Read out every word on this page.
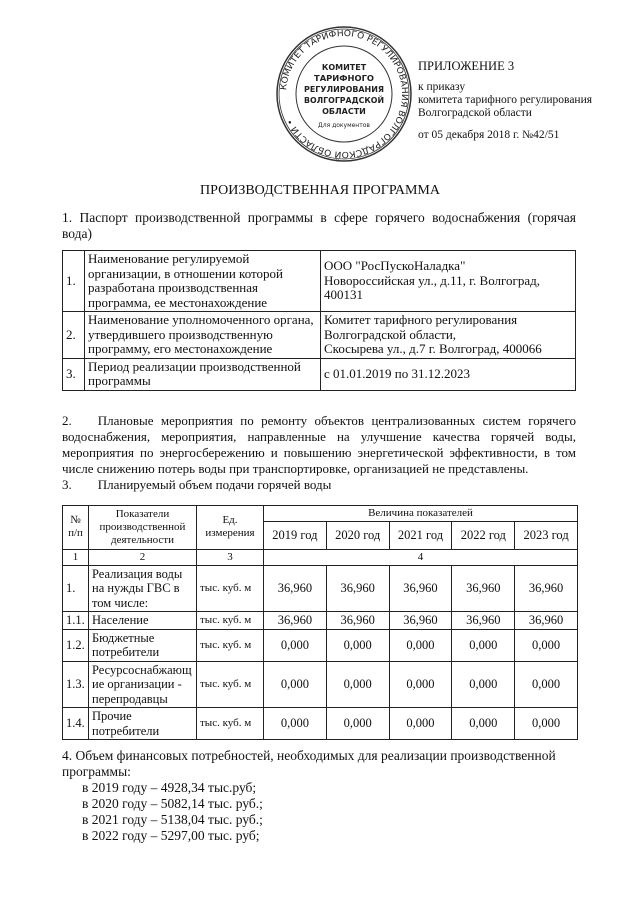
КОМИТЕТ ТАРИФНОГО РЕГУЛИРОВАНИЯ ВОЛГОГРАДСКОЙ ОБЛАСТИ •
КОМИТЕТ
ТАРИФНОГО
РЕГУЛИРОВАНИЯ
ВОЛГОГРАДСКОЙ
ОБЛАСТИ
Для документов
ПРИЛОЖЕНИЕ 3
к приказу
комитета тарифного регулирования
Волгоградской области
от 05 декабря 2018 г. №42/51
ПРОИЗВОДСТВЕННАЯ ПРОГРАММА
1. Паспорт производственной программы в сфере горячего водоснабжения (горячая вода)
1.	Наименование регулируемой организации, в отношении которой разработана производственная программа, ее местонахождение	ООО "РосПускоНаладка"
Новороссийская ул., д.11, г. Волгоград, 400131

2.	Наименование уполномоченного органа, утвердившего производственную программу, его местонахождение	Комитет тарифного регулирования
Волгоградской области,
Скосырева ул., д.7 г. Волгоград, 400066

3.	Период реализации производственной программы	с 01.01.2019 по 31.12.2023
2.  Плановые мероприятия по ремонту объектов централизованных систем горячего водоснабжения, мероприятия, направленные на улучшение качества горячей воды, мероприятия по энергосбережению и повышению энергетической эффективности, в том числе снижению потерь воды при транспортировке, организацией не представлены.
3.  Планируемый объем подачи горячей воды
№ п/п	Показатели производственной деятельности	Ед. измерения	Величина показателей				
			2019 год	2020 год	2021 год	2022 год	2023 год
1	2	3	4				
1.	Реализация воды на нужды ГВС в том числе:	тыс. куб. м	36,960	36,960	36,960	36,960	36,960
1.1.	Население	тыс. куб. м	36,960	36,960	36,960	36,960	36,960
1.2.	Бюджетные потребители	тыс. куб. м	0,000	0,000	0,000	0,000	0,000
1.3.	Ресурсоснабжающие организации - перепродавцы	тыс. куб. м	0,000	0,000	0,000	0,000	0,000
1.4.	Прочие потребители	тыс. куб. м	0,000	0,000	0,000	0,000	0,000
4. Объем финансовых потребностей, необходимых для реализации производственной программы:
в 2019 году – 4928,34 тыс.руб;
в 2020 году – 5082,14 тыс. руб.;
в 2021 году – 5138,04 тыс. руб.;
в 2022 году – 5297,00 тыс. руб;
